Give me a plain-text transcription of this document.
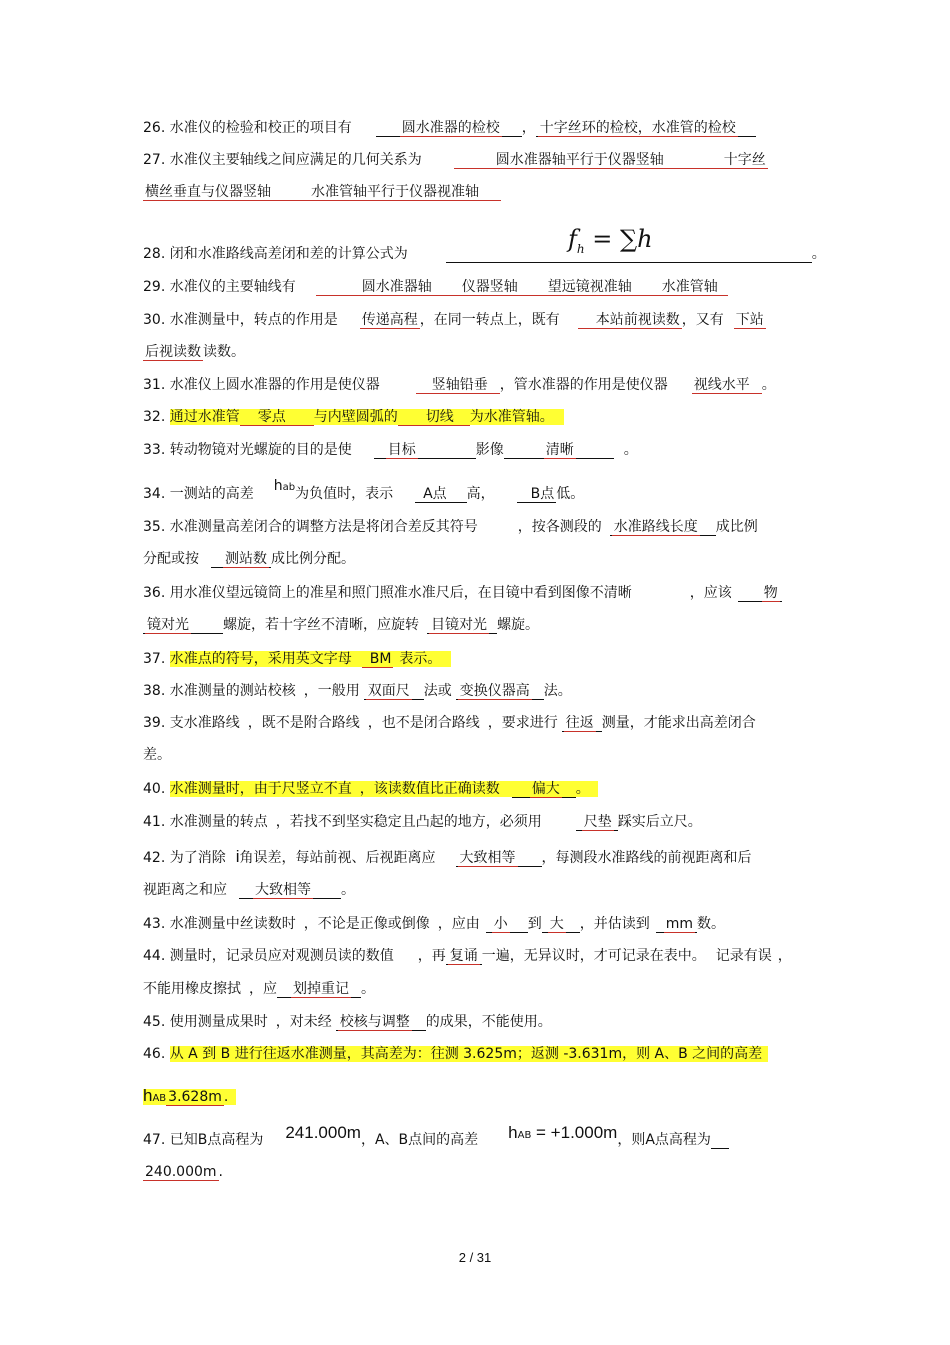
26. 水准仪的检验和校正的项目有	圆水准器的检校 ， 十字丝环的检校，水准管的检校
27. 水准仪主要轴线之间应满足的几何关系为	圆水准器轴平行于仪器竖轴	十字丝
横丝垂直与仪器竖轴	水准管轴平行于仪器视准轴
28. 闭和水准路线高差闭和差的计算公式为	。
$f_h = \sum h$
29. 水准仪的主要轴线有	圆水准器轴 仪器竖轴 望远镜视准轴 水准管轴
30. 水准测量中，转点的作用是 传递高程 ，在同一转点上，既有	本站前视读数 ，又有 下站
后视读数 读数。
31. 水准仪上圆水准器的作用是使仪器	竖轴铅垂 ，管水准器的作用是使仪器 视线水平 。
32. 通过水准管 零点 与内壁圆弧的 切线 为水准管轴。
33. 转动物镜对光螺旋的目的是使	目标	影像	清晰	。
34. 一测站的高差 hab为负值时，表示 A点 高，	B点 低。
35. 水准测量高差闭合的调整方法是将闭合差反其符号	，按各测段的 水准路线长度 成比例
分配或按 测站数 成比例分配。
36. 用水准仪望远镜筒上的准星和照门照准水准尺后，在目镜中看到图像不清晰	，应该 物
镜对光 螺旋，若十字丝不清晰，应旋转 目镜对光 螺旋。
37. 水准点的符号，采用英文字母 BM 表示。
38. 水准测量的测站校核 ，一般用 双面尺 法或 变换仪器高 法。
39. 支水准路线 ，既不是附合路线 ，也不是闭合路线 ，要求进行 往返 测量，才能求出高差闭合
差。
40. 水准测量时，由于尺竖立不直 ，该读数值比正确读数 偏大 。
41. 水准测量的转点 ，若找不到坚实稳定且凸起的地方，必须用	尺垫 踩实后立尺。
42. 为了消除 i角误差，每站前视、后视距离应 大致相等 ，每测段水准路线的前视距离和后
视距离之和应 大致相等 。
43. 水准测量中丝读数时 ，不论是正像或倒像 ，应由 小 到 大 ，并估读到 mm 数。
44. 测量时，记录员应对观测员读的数值 ，再 复诵 一遍，无异议时，才可记录在表中。 记录有误 ，
不能用橡皮擦拭 ，应 划掉重记 。
45. 使用测量成果时 ，对未经 校核与调整 的成果，不能使用。
46. 从 A 到 B 进行往返水准测量，其高差为：往测 3.625m；返测 -3.631m，则 A、B 之间的高差
hAB 3.628m .
47. 已知B点高程为 241.000m，A、B点间的高差 hAB = +1.000m，则A点高程为
240.000m .
2 / 31
